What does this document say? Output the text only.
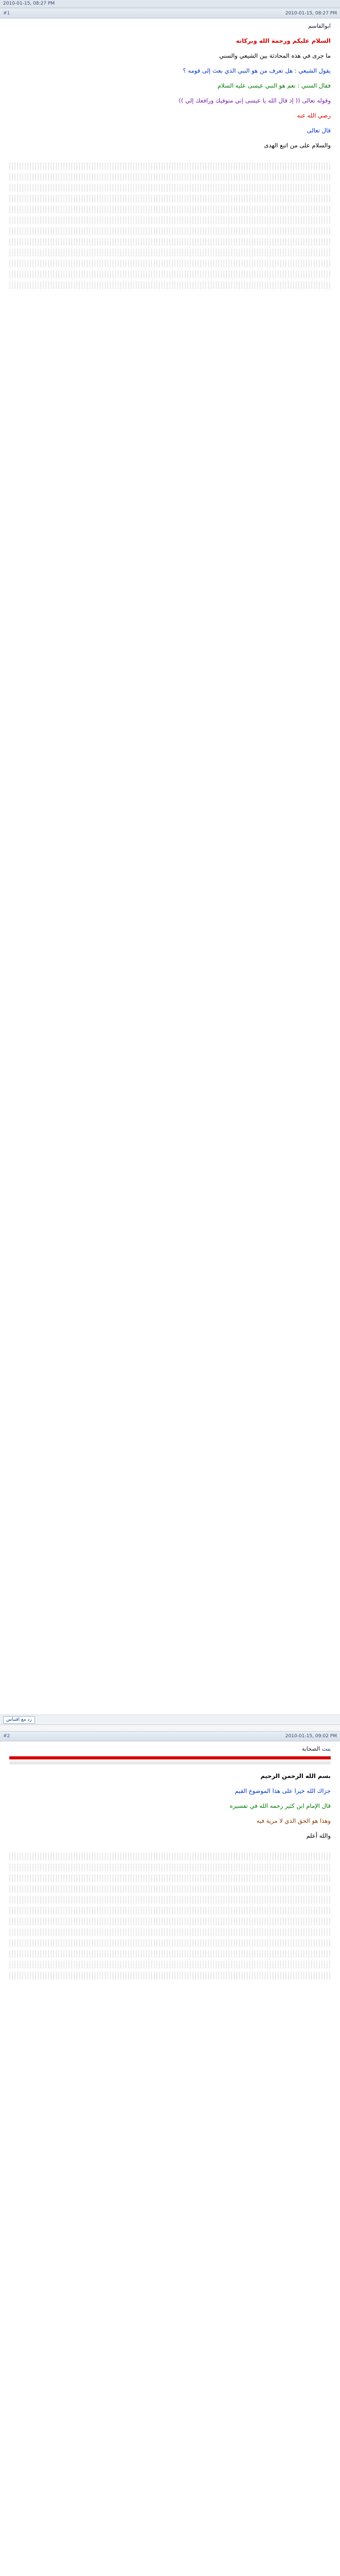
2010-01-15, 08:27 PM
#1	2010-01-15, 08:27 PM
ابوالقاسم

السلام عليكم ورحمة الله وبركاته

ما جرى في هذه المحادثة بين الشيعي والسني

يقول الشيعي : هل تعرف من هو النبي الذي بعث إلى قومه ؟

فقال السني : نعم هو النبي عيسى عليه السلام

وقوله تعالى (( إذ قال الله يا عيسى إني متوفيك ورافعك إلي ))

رضي الله عنه

قال تعالى

والسلام على من اتبع الهدى

رد مع اقتباس
#2	2010-01-15, 09:02 PM
بنت الصحابة

بسم الله الرحمن الرحيم

جزاك الله خيرا على هذا الموضوع القيم

قال الإمام ابن كثير رحمه الله في تفسيره

وهذا هو الحق الذي لا مرية فيه

والله أعلم
